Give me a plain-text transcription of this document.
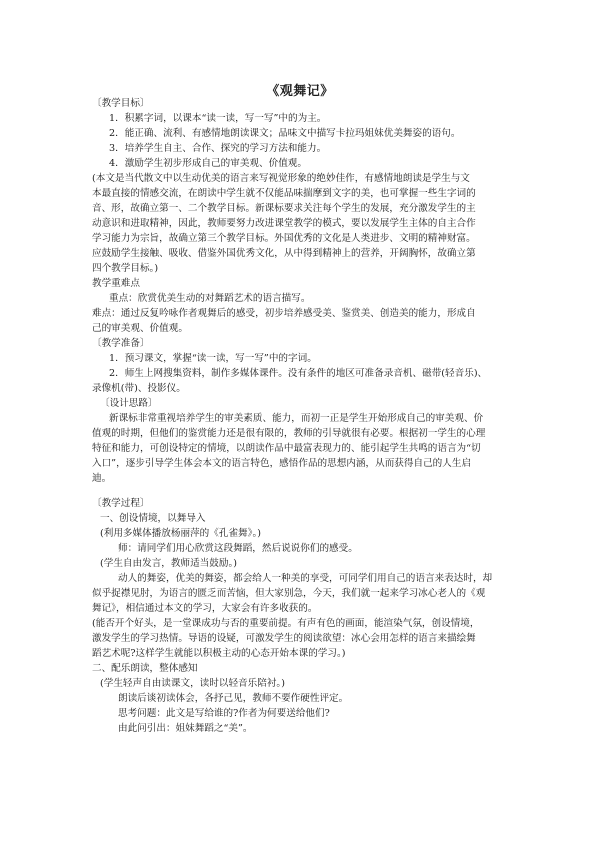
《观舞记》
〔教学目标〕
1．积累字词，以课本“读一读，写一写”中的为主。
2．能正确、流利、有感情地朗读课文；品味文中描写卡拉玛姐妹优美舞姿的语句。
3．培养学生自主、合作、探究的学习方法和能力。
4．激励学生初步形成自己的审美观、价值观。
(本文是当代散文中以生动优美的语言来写视觉形象的绝妙佳作，有感情地朗读是学生与文
本最直接的情感交流，在朗读中学生就不仅能品味揣摩到文字的美，也可掌握一些生字词的
音、形，故确立第一、二个教学目标。新课标要求关注每个学生的发展，充分激发学生的主
动意识和进取精神，因此，教师要努力改进课堂教学的模式，要以发展学生主体的自主合作
学习能力为宗旨，故确立第三个教学目标。外国优秀的文化是人类进步、文明的精神财富。
应鼓励学生接触、吸收、借鉴外国优秀文化，从中得到精神上的营养，开阔胸怀，故确立第
四个教学目标。)
教学重难点
重点：欣赏优美生动的对舞蹈艺术的语言描写。
难点：通过反复吟咏作者观舞后的感受，初步培养感受美、鉴赏美、创造美的能力，形成自
己的审美观、价值观。
〔教学准备〕
1．预习课文，掌握“读一读，写一写”中的字词。
2．师生上网搜集资料，制作多媒体课件。没有条件的地区可准备录音机、磁带(轻音乐)、
录像机(带)、投影仪。
〔设计思路〕
新课标非常重视培养学生的审美素质、能力，而初一正是学生开始形成自己的审美观、价
值观的时期，但他们的鉴赏能力还是很有限的，教师的引导就很有必要。根据初一学生的心理
特征和能力，可创设特定的情境，以朗读作品中最富表现力的、能引起学生共鸣的语言为“切
入口”，逐步引导学生体会本文的语言特色，感悟作品的思想内涵，从而获得自己的人生启
迪。
〔教学过程〕
一、创设情境，以舞导入
(利用多媒体播放杨丽萍的《孔雀舞》。)
师：请同学们用心欣赏这段舞蹈，然后说说你们的感受。
(学生自由发言，教师适当鼓励。)
动人的舞姿，优美的舞姿，都会给人一种美的享受，可同学们用自己的语言来表达时，却
似乎捉襟见肘，为语言的匮乏而苦恼，但大家别急，今天，我们就一起来学习冰心老人的《观
舞记》，相信通过本文的学习，大家会有许多收获的。
(能否开个好头，是一堂课成功与否的重要前提。有声有色的画面，能渲染气氛，创设情境，
激发学生的学习热情。导语的设疑，可激发学生的阅读欲望：冰心会用怎样的语言来描绘舞
蹈艺术呢?这样学生就能以积极主动的心态开始本课的学习。)
二、配乐朗读，整体感知
(学生轻声自由读课文，读时以轻音乐陪衬。)
朗读后谈初读体会，各抒己见，教师不要作硬性评定。
思考问题：此文是写给谁的?作者为何要送给他们?
由此问引出：姐妹舞蹈之“美”。
